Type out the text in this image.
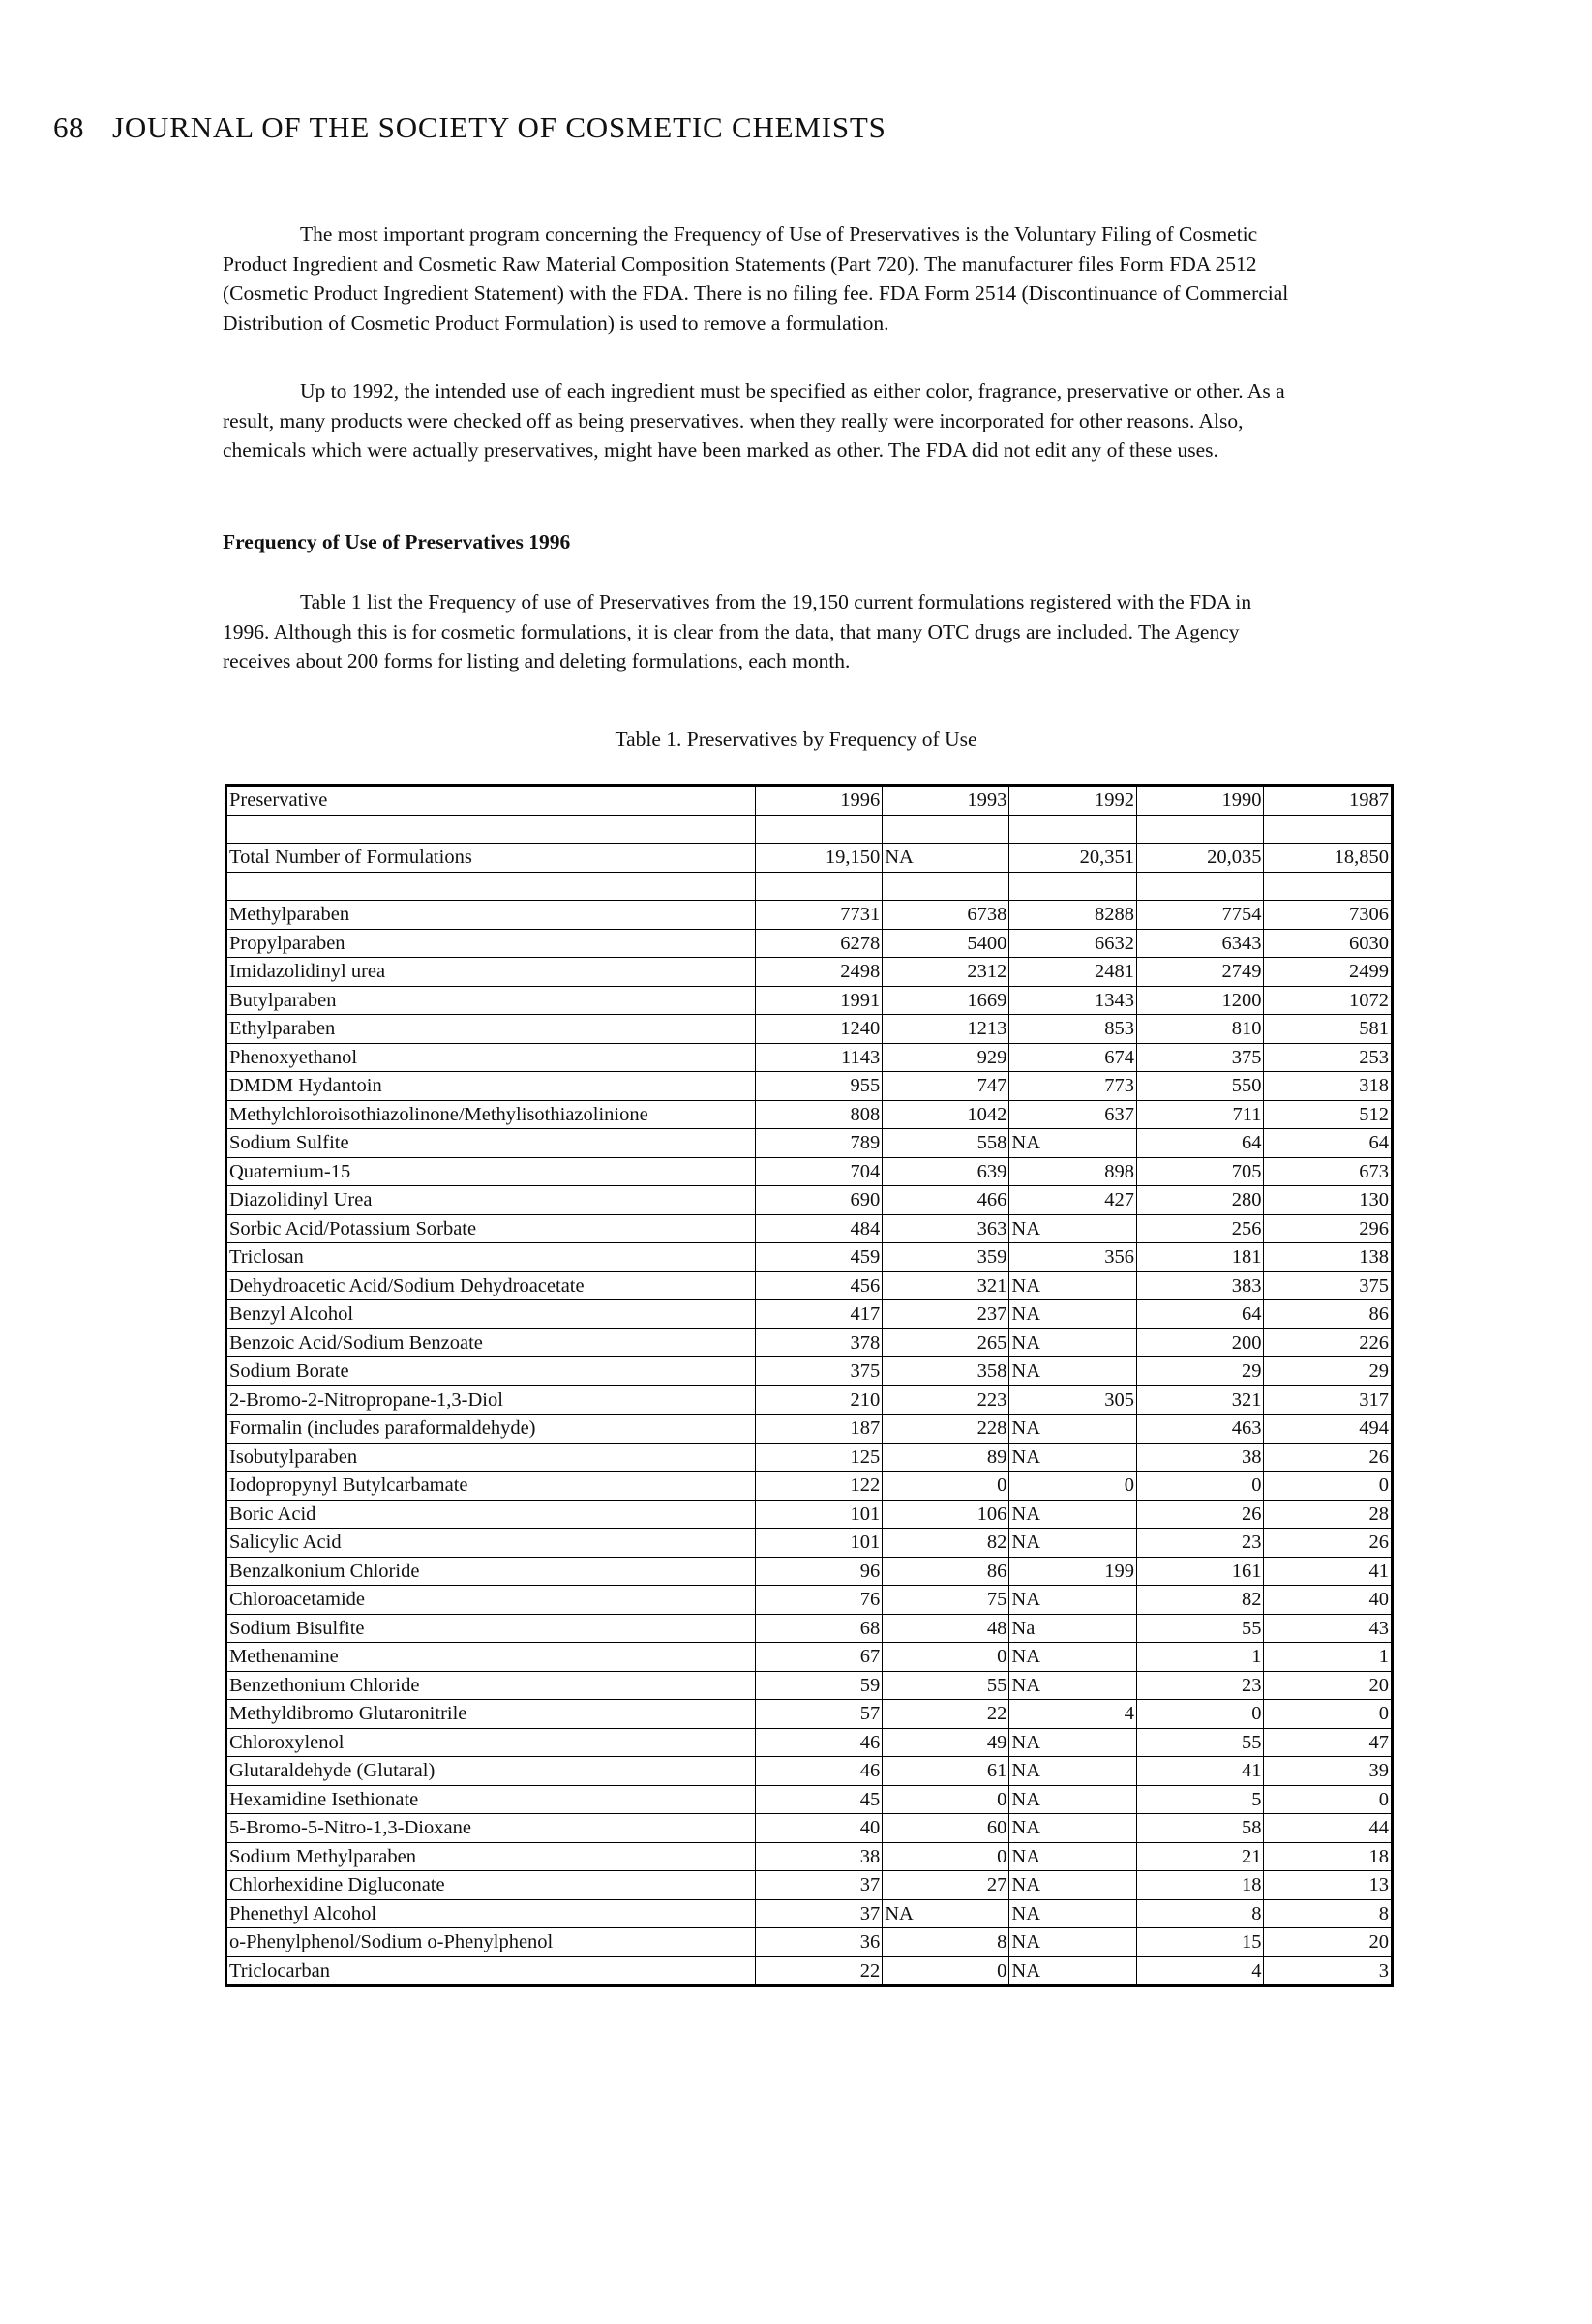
68 JOURNAL OF THE SOCIETY OF COSMETIC CHEMISTS

The most important program concerning the Frequency of Use of Preservatives is the Voluntary Filing of Cosmetic Product Ingredient and Cosmetic Raw Material Composition Statements (Part 720). The manufacturer files Form FDA 2512 (Cosmetic Product Ingredient Statement) with the FDA. There is no filing fee. FDA Form 2514 (Discontinuance of Commercial Distribution of Cosmetic Product Formulation) is used to remove a formulation.

Up to 1992, the intended use of each ingredient must be specified as either color, fragrance, preservative or other. As a result, many products were checked off as being preservatives. when they really were incorporated for other reasons. Also, chemicals which were actually preservatives, might have been marked as other. The FDA did not edit any of these uses.

Frequency of Use of Preservatives 1996

Table 1 list the Frequency of use of Preservatives from the 19,150 current formulations registered with the FDA in 1996. Although this is for cosmetic formulations, it is clear from the data, that many OTC drugs are included. The Agency receives about 200 forms for listing and deleting formulations, each month.

Table 1. Preservatives by Frequency of Use
Preservative	1996	1993	1992	1990	1987

Total Number of Formulations	19,150	NA	20,351	20,035	18,850

Methylparaben	7731	6738	8288	7754	7306
Propylparaben	6278	5400	6632	6343	6030
Imidazolidinyl urea	2498	2312	2481	2749	2499
Butylparaben	1991	1669	1343	1200	1072
Ethylparaben	1240	1213	853	810	581
Phenoxyethanol	1143	929	674	375	253
DMDM Hydantoin	955	747	773	550	318
Methylchloroisothiazolinone/Methylisothiazolinione	808	1042	637	711	512
Sodium Sulfite	789	558	NA	64	64
Quaternium-15	704	639	898	705	673
Diazolidinyl Urea	690	466	427	280	130
Sorbic Acid/Potassium Sorbate	484	363	NA	256	296
Triclosan	459	359	356	181	138
Dehydroacetic Acid/Sodium Dehydroacetate	456	321	NA	383	375
Benzyl Alcohol	417	237	NA	64	86
Benzoic Acid/Sodium Benzoate	378	265	NA	200	226
Sodium Borate	375	358	NA	29	29
2-Bromo-2-Nitropropane-1,3-Diol	210	223	305	321	317
Formalin (includes paraformaldehyde)	187	228	NA	463	494
Isobutylparaben	125	89	NA	38	26
Iodopropynyl Butylcarbamate	122	0	0	0	0
Boric Acid	101	106	NA	26	28
Salicylic Acid	101	82	NA	23	26
Benzalkonium Chloride	96	86	199	161	41
Chloroacetamide	76	75	NA	82	40
Sodium Bisulfite	68	48	Na	55	43
Methenamine	67	0	NA	1	1
Benzethonium Chloride	59	55	NA	23	20
Methyldibromo Glutaronitrile	57	22	4	0	0
Chloroxylenol	46	49	NA	55	47
Glutaraldehyde (Glutaral)	46	61	NA	41	39
Hexamidine Isethionate	45	0	NA	5	0
5-Bromo-5-Nitro-1,3-Dioxane	40	60	NA	58	44
Sodium Methylparaben	38	0	NA	21	18
Chlorhexidine Digluconate	37	27	NA	18	13
Phenethyl Alcohol	37	NA	NA	8	8
o-Phenylphenol/Sodium o-Phenylphenol	36	8	NA	15	20
Triclocarban	22	0	NA	4	3
